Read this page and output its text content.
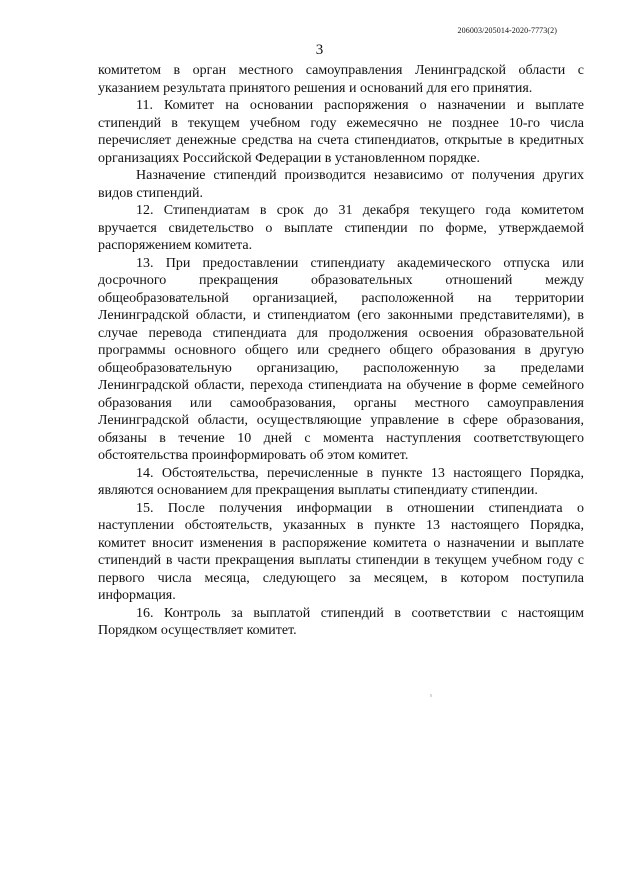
206003/205014-2020-7773(2)
3

комитетом в орган местного самоуправления Ленинградской области с указанием результата принятого решения и оснований для его принятия.

11. Комитет на основании распоряжения о назначении и выплате стипендий в текущем учебном году ежемесячно не позднее 10-го числа перечисляет денежные средства на счета стипендиатов, открытые в кредитных организациях Российской Федерации в установленном порядке.

Назначение стипендий производится независимо от получения других видов стипендий.

12. Стипендиатам в срок до 31 декабря текущего года комитетом вручается свидетельство о выплате стипендии по форме, утверждаемой распоряжением комитета.

13. При предоставлении стипендиату академического отпуска или досрочного прекращения образовательных отношений между общеобразовательной организацией, расположенной на территории Ленинградской области, и стипендиатом (его законными представителями), в случае перевода стипендиата для продолжения освоения образовательной программы основного общего или среднего общего образования в другую общеобразовательную организацию, расположенную за пределами Ленинградской области, перехода стипендиата на обучение в форме семейного образования или самообразования, органы местного самоуправления Ленинградской области, осуществляющие управление в сфере образования, обязаны в течение 10 дней с момента наступления соответствующего обстоятельства проинформировать об этом комитет.

14. Обстоятельства, перечисленные в пункте 13 настоящего Порядка, являются основанием для прекращения выплаты стипендиату стипендии.

15. После получения информации в отношении стипендиата о наступлении обстоятельств, указанных в пункте 13 настоящего Порядка, комитет вносит изменения в распоряжение комитета о назначении и выплате стипендий в части прекращения выплаты стипендии в текущем учебном году с первого числа месяца, следующего за месяцем, в котором поступила информация.

16. Контроль за выплатой стипендий в соответствии с настоящим Порядком осуществляет комитет.
